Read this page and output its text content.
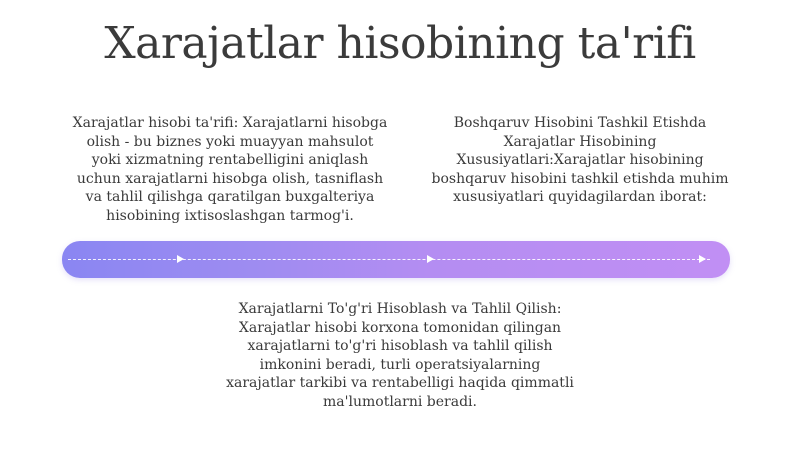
Xarajatlar hisobining ta'rifi
Xarajatlar hisobi ta'rifi: Xarajatlarni hisobga olish - bu biznes yoki muayyan mahsulot yoki xizmatning rentabelligini aniqlash uchun xarajatlarni hisobga olish, tasniflash va tahlil qilishga qaratilgan buxgalteriya hisobining ixtisoslashgan tarmog'i.
Boshqaruv Hisobini Tashkil Etishda Xarajatlar Hisobining Xususiyatlari:Xarajatlar hisobining boshqaruv hisobini tashkil etishda muhim xususiyatlari quyidagilardan iborat:
Xarajatlarni To'g'ri Hisoblash va Tahlil Qilish: Xarajatlar hisobi korxona tomonidan qilingan xarajatlarni to'g'ri hisoblash va tahlil qilish imkonini beradi, turli operatsiyalarning xarajatlar tarkibi va rentabelligi haqida qimmatli ma'lumotlarni beradi.
